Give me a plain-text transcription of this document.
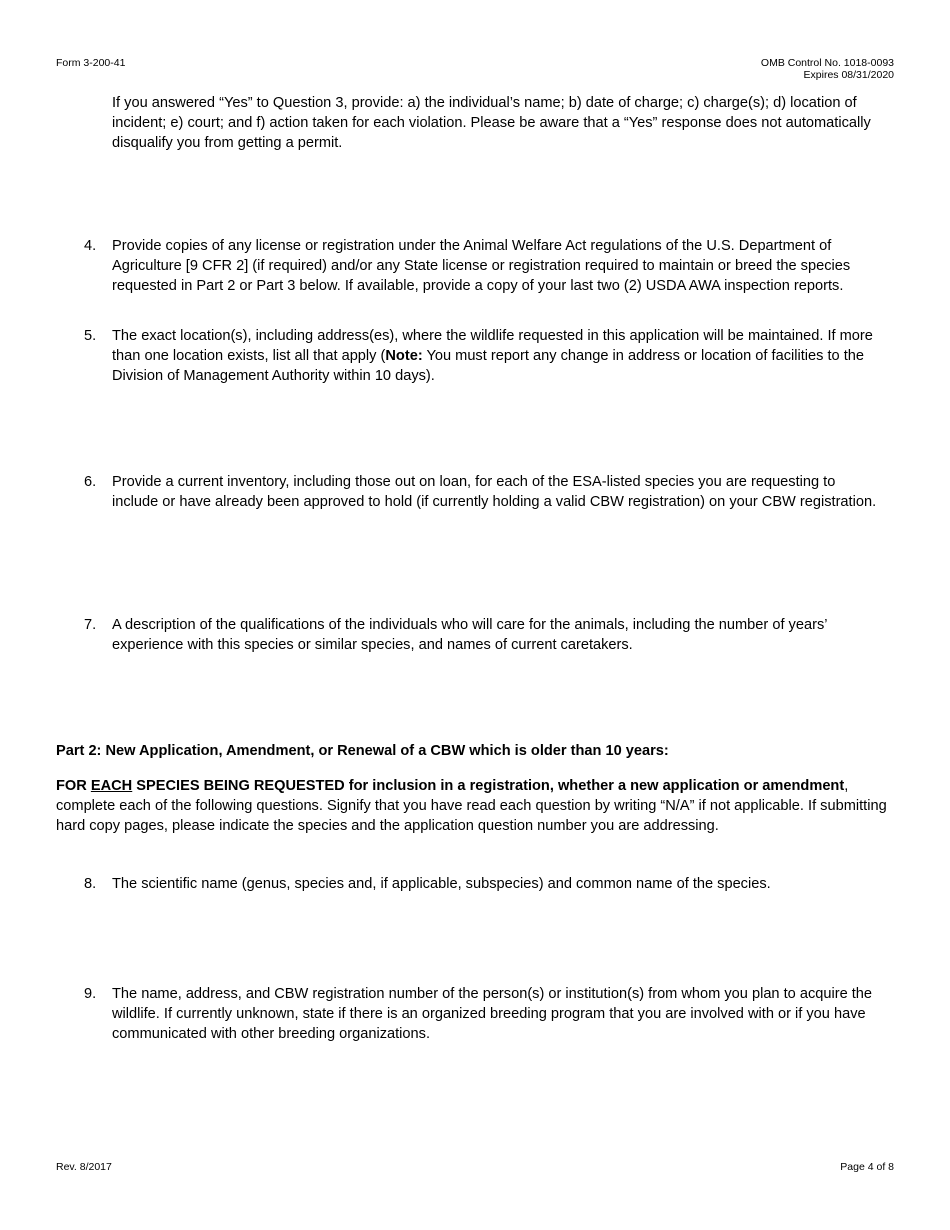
Form 3-200-41	OMB Control No. 1018-0093
Expires 08/31/2020

If you answered “Yes” to Question 3, provide: a) the individual’s name; b) date of charge; c) charge(s); d) location of incident; e) court; and f) action taken for each violation. Please be aware that a “Yes” response does not automatically disqualify you from getting a permit.

4.	Provide copies of any license or registration under the Animal Welfare Act regulations of the U.S. Department of Agriculture [9 CFR 2] (if required) and/or any State license or registration required to maintain or breed the species requested in Part 2 or Part 3 below. If available, provide a copy of your last two (2) USDA AWA inspection reports.
5.	The exact location(s), including address(es), where the wildlife requested in this application will be maintained. If more than one location exists, list all that apply (Note: You must report any change in address or location of facilities to the Division of Management Authority within 10 days).
6.	Provide a current inventory, including those out on loan, for each of the ESA-listed species you are requesting to include or have already been approved to hold (if currently holding a valid CBW registration) on your CBW registration.
7.	A description of the qualifications of the individuals who will care for the animals, including the number of years’ experience with this species or similar species, and names of current caretakers.
Part 2: New Application, Amendment, or Renewal of a CBW which is older than 10 years:
FOR EACH SPECIES BEING REQUESTED for inclusion in a registration, whether a new application or amendment, complete each of the following questions. Signify that you have read each question by writing “N/A” if not applicable. If submitting hard copy pages, please indicate the species and the application question number you are addressing.
8.	The scientific name (genus, species and, if applicable, subspecies) and common name of the species.
9.	The name, address, and CBW registration number of the person(s) or institution(s) from whom you plan to acquire the wildlife. If currently unknown, state if there is an organized breeding program that you are involved with or if you have communicated with other breeding organizations.
Rev. 8/2017	Page 4 of 8
